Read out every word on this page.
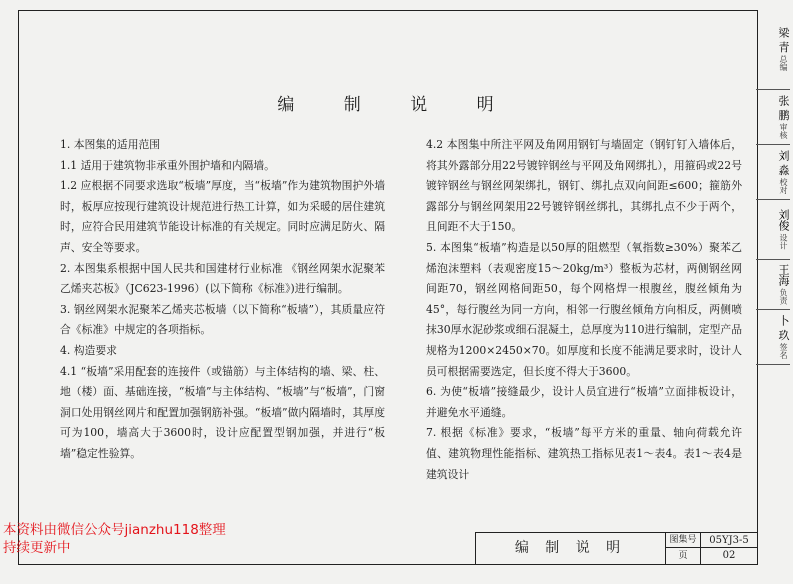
梁 青 总编
张 鹏 审核
刘 淼 校对
刘俊 设计
王海 负责
卜 玖 签名
编 制 说 明

1. 本图集的适用范围

1.1 适用于建筑物非承重外围护墙和内隔墙。

1.2 应根据不同要求选取“板墙”厚度，当“板墙”作为建筑物围护外墙时，板厚应按现行建筑设计规范进行热工计算，如为采暖的居住建筑时，应符合民用建筑节能设计标准的有关规定。同时应满足防火、隔声、安全等要求。

2. 本图集系根据中国人民共和国建材行业标准 《钢丝网架水泥聚苯乙烯夹芯板》（JC623-1996）(以下简称《标准》)进行编制。

3. 钢丝网架水泥聚苯乙烯夹芯板墙（以下简称“板墙”），其质量应符合《标准》中规定的各项指标。

4. 构造要求

4.1 “板墙”采用配套的连接件（或锚筋）与主体结构的墙、梁、柱、地（楼）面、基础连接，“板墙”与主体结构、“板墙”与“板墙”，门窗洞口处用钢丝网片和配置加强钢筋补强。“板墙”做内隔墙时，其厚度可为100，墙高大于3600时，设计应配置型钢加强，并进行“板墙”稳定性验算。

4.2 本图集中所注平网及角网用钢钉与墙固定（钢钉钉入墙体后，将其外露部分用22号镀锌钢丝与平网及角网绑扎），用箍码或22号镀锌钢丝与钢丝网架绑扎，钢钉、绑扎点双向间距≤600；箍筋外露部分与钢丝网架用22号镀锌钢丝绑扎，其绑扎点不少于两个，且间距不大于150。

5. 本图集“板墙”构造是以50厚的阻燃型（氧指数≥30%）聚苯乙烯泡沫塑料（表观密度15～20kg/m³）整板为芯材，两侧钢丝网间距70，钢丝网格间距50，每个网格焊一根腹丝，腹丝倾角为45°，每行腹丝为同一方向，相邻一行腹丝倾角方向相反，两侧喷抹30厚水泥砂浆或细石混凝土，总厚度为110进行编制，定型产品规格为1200×2450×70。如厚度和长度不能满足要求时，设计人员可根据需要选定，但长度不得大于3600。

6. 为使“板墙”接缝最少，设计人员宜进行“板墙”立面排板设计，并避免水平通缝。

7. 根据《标准》要求，“板墙”每平方米的重量、轴向荷载允许值、建筑物理性能指标、建筑热工指标见表1～表4。表1～表4是建筑设计

编 制 说 明	图集号	05YJ3-5
页	02
本资料由微信公众号jianzhu118整理
持续更新中
